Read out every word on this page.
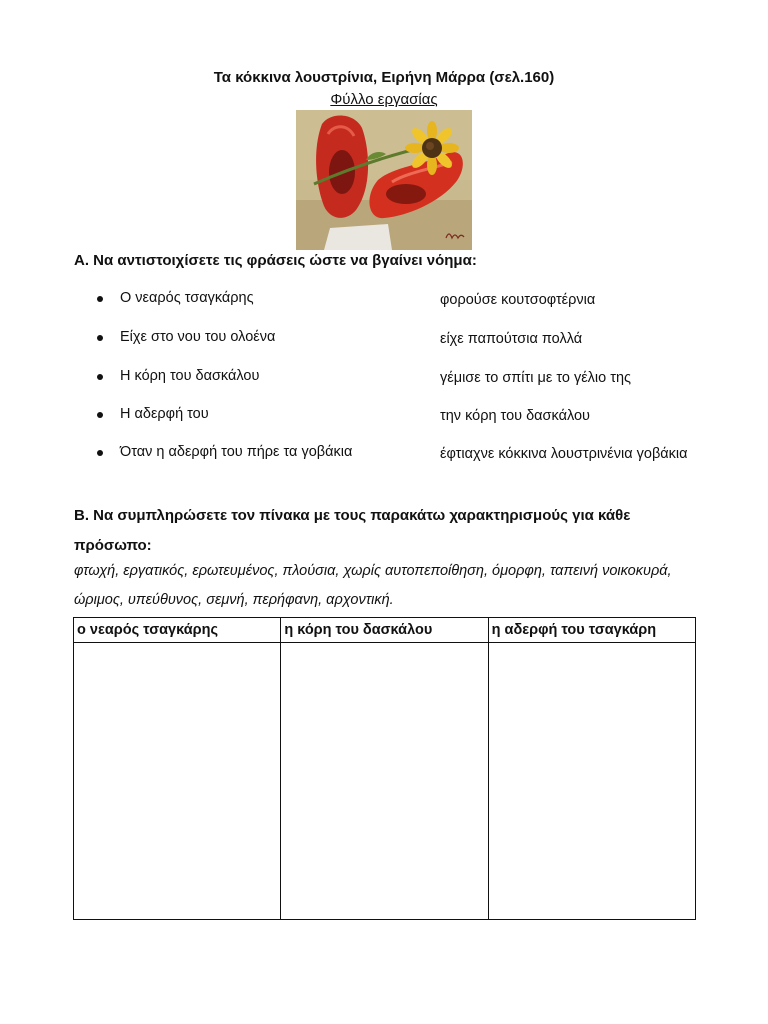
Τα κόκκινα λουστρίνια, Ειρήνη Μάρρα (σελ.160)
Φύλλο εργασίας
Α. Να αντιστοιχίσετε τις φράσεις ώστε να βγαίνει νόημα:
Ο νεαρός τσαγκάρης	φορούσε κουτσοφτέρνια
Είχε στο νου του ολοένα	είχε παπούτσια πολλά
Η κόρη του δασκάλου	γέμισε το σπίτι με το γέλιο της
Η αδερφή του	την κόρη του δασκάλου
Όταν η αδερφή του πήρε τα γοβάκια	έφτιαχνε κόκκινα λουστρινένια γοβάκια
Β. Να συμπληρώσετε τον πίνακα με τους παρακάτω χαρακτηρισμούς για κάθε πρόσωπο:
φτωχή, εργατικός, ερωτευμένος, πλούσια, χωρίς αυτοπεποίθηση, όμορφη, ταπεινή νοικοκυρά, ώριμος, υπεύθυνος, σεμνή, περήφανη, αρχοντική.
ο νεαρός τσαγκάρης	η κόρη του δασκάλου	η αδερφή του τσαγκάρη
